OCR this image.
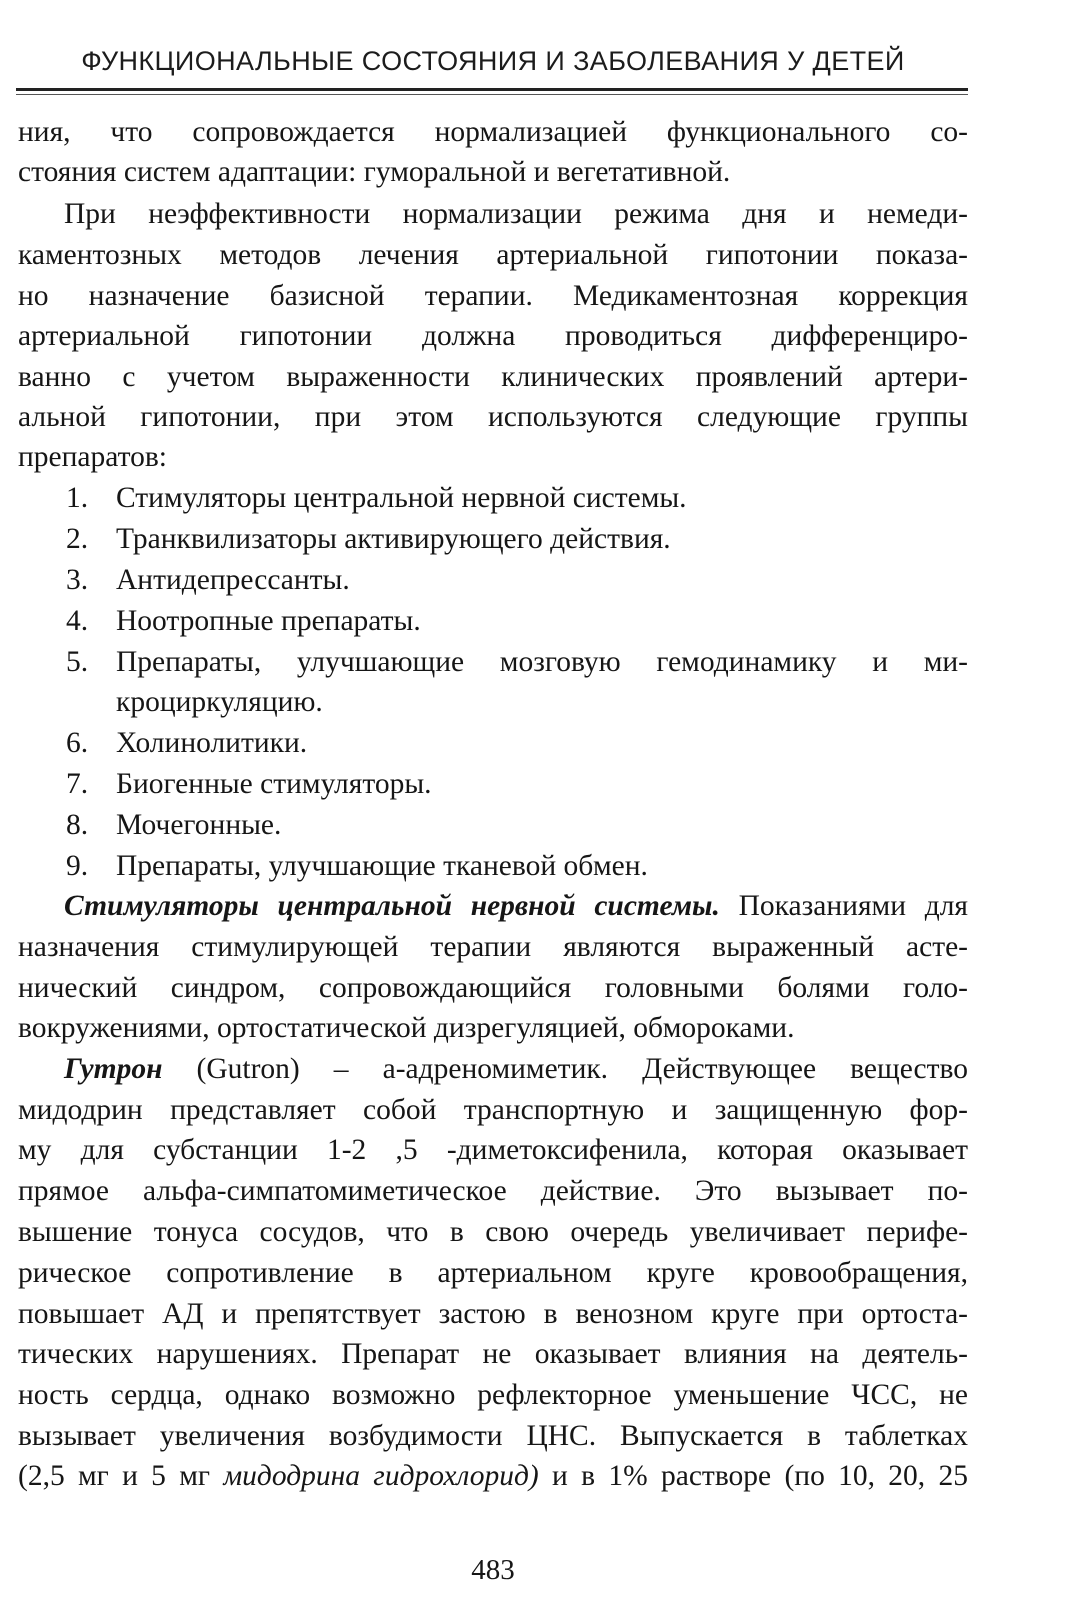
ФУНКЦИОНАЛЬНЫЕ СОСТОЯНИЯ И ЗАБОЛЕВАНИЯ У ДЕТЕЙ
ния, что сопровождается нормализацией функционального со-
стояния систем адаптации: гуморальной и вегетативной.
При неэффективности нормализации режима дня и немеди-
каментозных методов лечения артериальной гипотонии показа-
но назначение базисной терапии. Медикаментозная коррекция
артериальной гипотонии должна проводиться дифференциро-
ванно с учетом выраженности клинических проявлений артери-
альной гипотонии, при этом используются следующие группы
препаратов:
1. Стимуляторы центральной нервной системы.
2. Транквилизаторы активирующего действия.
3. Антидепрессанты.
4. Ноотропные препараты.
5. Препараты, улучшающие мозговую гемодинамику и ми-
кроциркуляцию.
6. Холинолитики.
7. Биогенные стимуляторы.
8. Мочегонные.
9. Препараты, улучшающие тканевой обмен.
Стимуляторы центральной нервной системы. Показаниями для
назначения стимулирующей терапии являются выраженный асте-
нический синдром, сопровождающийся головными болями голо-
вокружениями, ортостатической дизрегуляцией, обмороками.
Гутрон (Gutron) – а-адреномиметик. Действующее вещество
мидодрин представляет собой транспортную и защищенную фор-
му для субстанции 1-2 ,5 -диметоксифенила, которая оказывает
прямое альфа-симпатомиметическое действие. Это вызывает по-
вышение тонуса сосудов, что в свою очередь увеличивает перифе-
рическое сопротивление в артериальном круге кровообращения,
повышает АД и препятствует застою в венозном круге при ортоста-
тических нарушениях. Препарат не оказывает влияния на деятель-
ность сердца, однако возможно рефлекторное уменьшение ЧСС, не
вызывает увеличения возбудимости ЦНС. Выпускается в таблетках
(2,5 мг и 5 мг мидодрина гидрохлорид) и в 1% растворе (по 10, 20, 25
483
